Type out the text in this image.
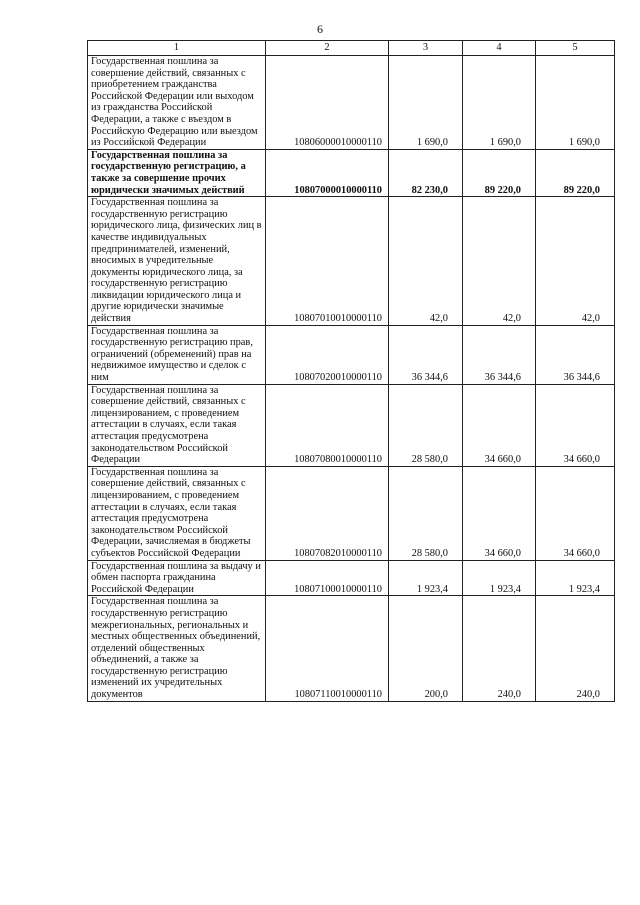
6
1	2	3	4	5
Государственная пошлина за совершение действий, связанных с приобретением гражданства Российской Федерации или выходом из гражданства Российской Федерации, а также с въездом в Российскую Федерацию или выездом из Российской Федерации	10806000010000110	1 690,0	1 690,0	1 690,0
Государственная пошлина за государственную регистрацию, а также за совершение прочих юридически значимых действий	10807000010000110	82 230,0	89 220,0	89 220,0
Государственная пошлина за государственную регистрацию юридического лица, физических лиц в качестве индивидуальных предпринимателей, изменений, вносимых в учредительные документы юридического лица, за государственную регистрацию ликвидации юридического лица и другие юридически значимые действия	10807010010000110	42,0	42,0	42,0
Государственная пошлина за государственную регистрацию прав, ограничений (обременений) прав на недвижимое имущество и сделок с ним	10807020010000110	36 344,6	36 344,6	36 344,6
Государственная пошлина за совершение действий, связанных с лицензированием, с проведением аттестации в случаях, если такая аттестация предусмотрена законодательством Российской Федерации	10807080010000110	28 580,0	34 660,0	34 660,0
Государственная пошлина за совершение действий, связанных с лицензированием, с проведением аттестации в случаях, если такая аттестация предусмотрена законодательством Российской Федерации, зачисляемая в бюджеты субъектов Российской Федерации	10807082010000110	28 580,0	34 660,0	34 660,0
Государственная пошлина за выдачу и обмен паспорта гражданина Российской Федерации	10807100010000110	1 923,4	1 923,4	1 923,4
Государственная пошлина за государственную регистрацию межрегиональных, региональных и местных общественных объединений, отделений общественных объединений, а также за государственную регистрацию изменений их учредительных документов	10807110010000110	200,0	240,0	240,0
